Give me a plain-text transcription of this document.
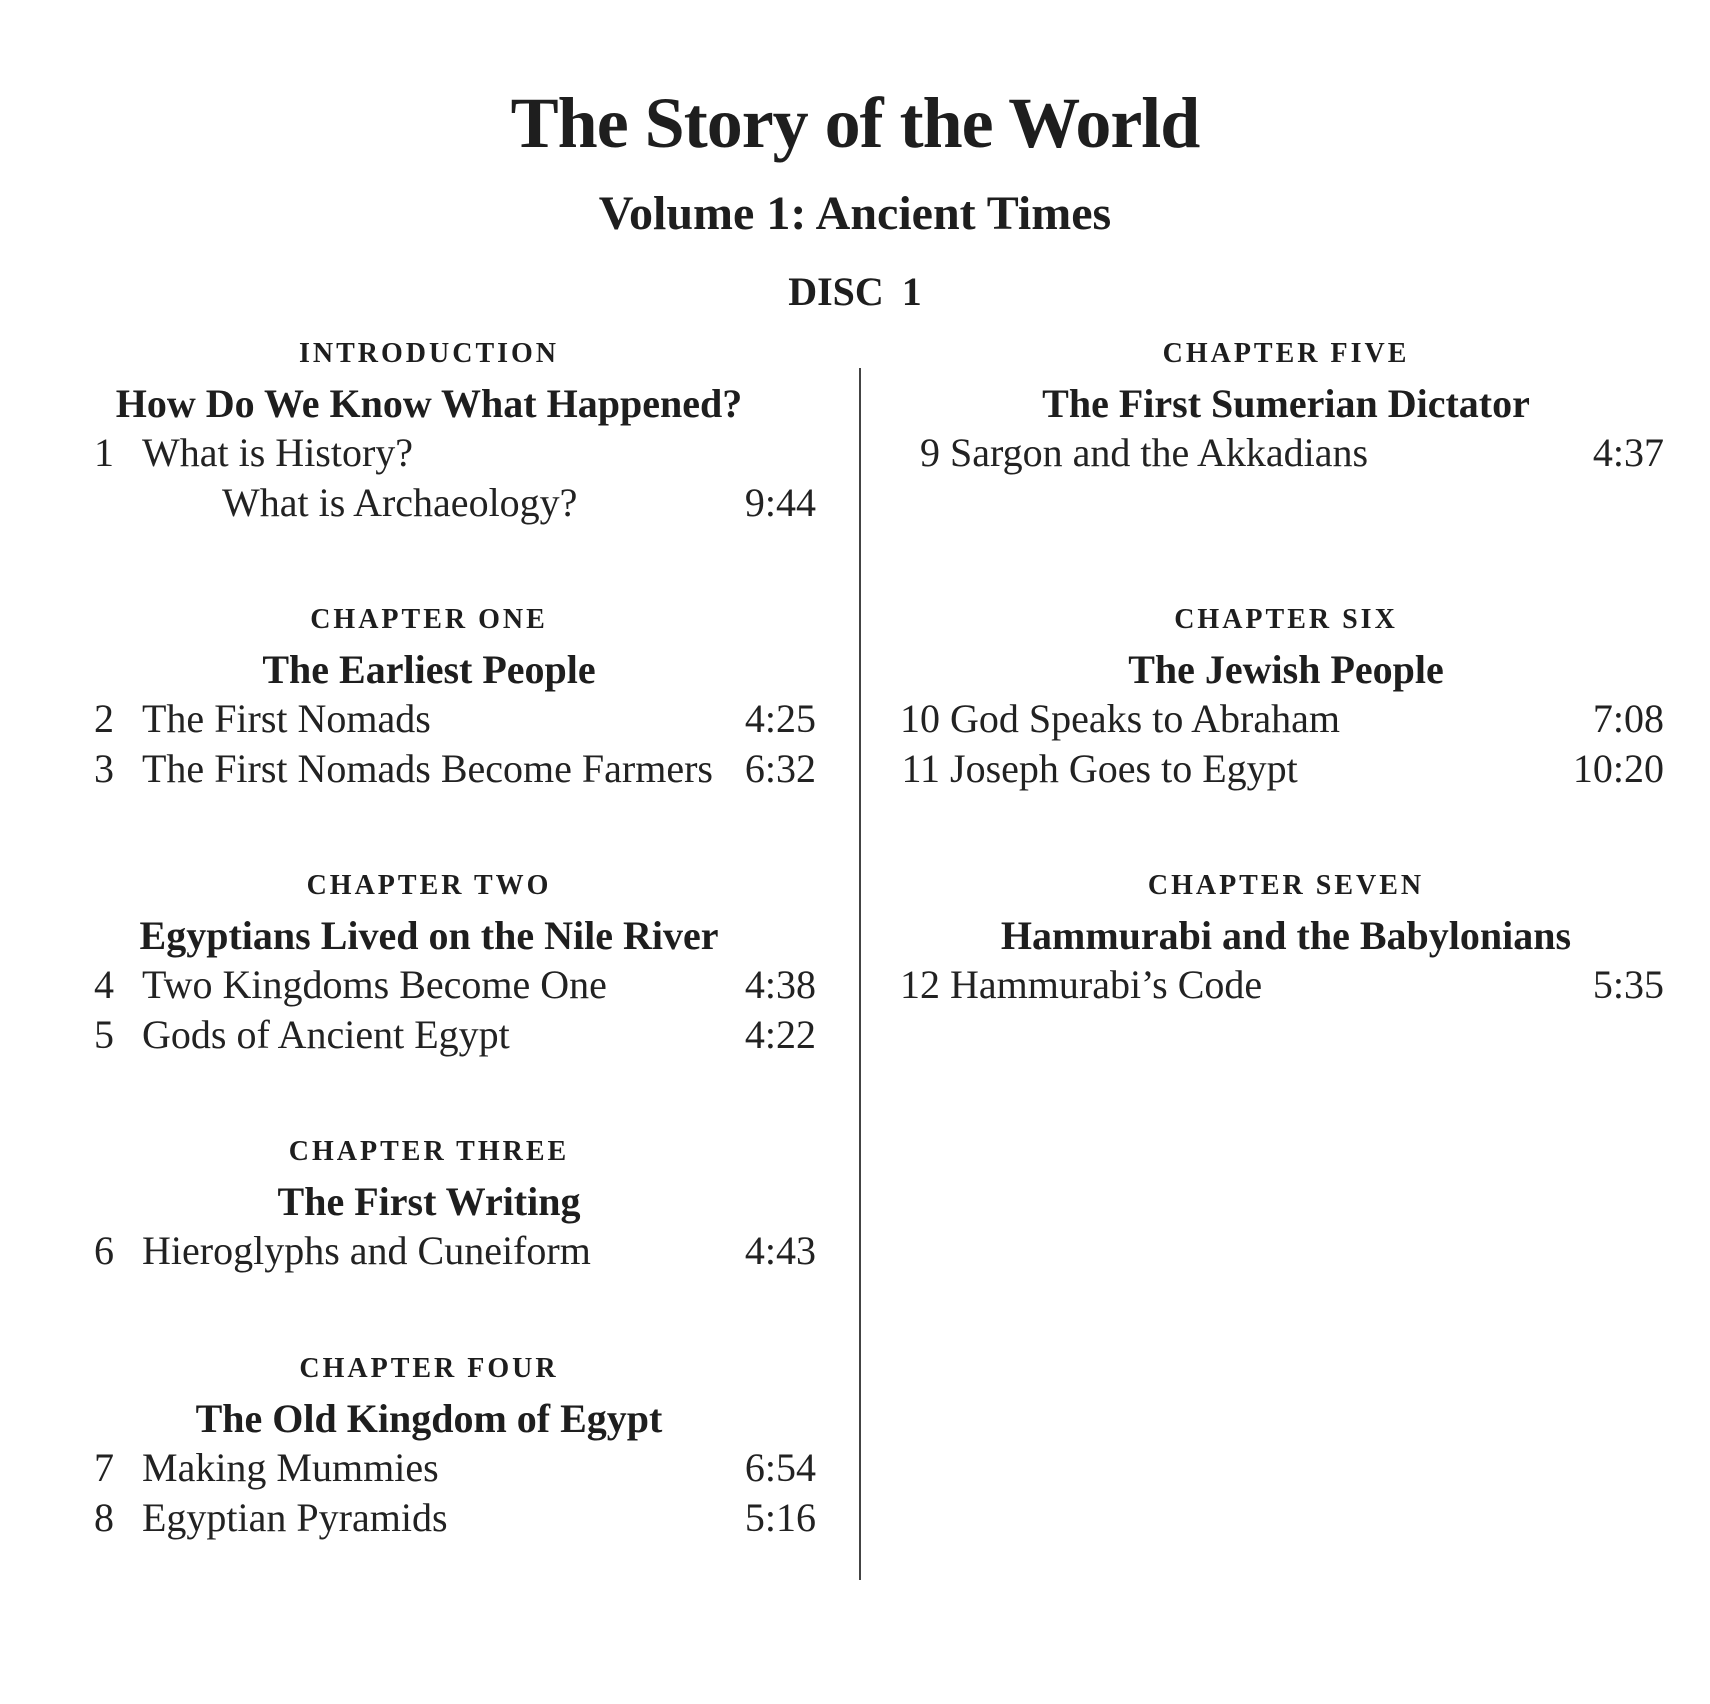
The Story of the World
Volume 1: Ancient Times
DISC 1
INTRODUCTION
How Do We Know What Happened?
1 What is History?
What is Archaeology?	9:44
CHAPTER ONE
The Earliest People
2 The First Nomads	4:25
3 The First Nomads Become Farmers 6:32
CHAPTER TWO
Egyptians Lived on the Nile River
4 Two Kingdoms Become One	4:38
5 Gods of Ancient Egypt	4:22
CHAPTER THREE
The First Writing
6 Hieroglyphs and Cuneiform	4:43
CHAPTER FOUR
The Old Kingdom of Egypt
7 Making Mummies	6:54
8 Egyptian Pyramids	5:16
CHAPTER FIVE
The First Sumerian Dictator
9 Sargon and the Akkadians	4:37
CHAPTER SIX
The Jewish People
10 God Speaks to Abraham	7:08
11 Joseph Goes to Egypt	10:20
CHAPTER SEVEN
Hammurabi and the Babylonians
12 Hammurabi’s Code	5:35
